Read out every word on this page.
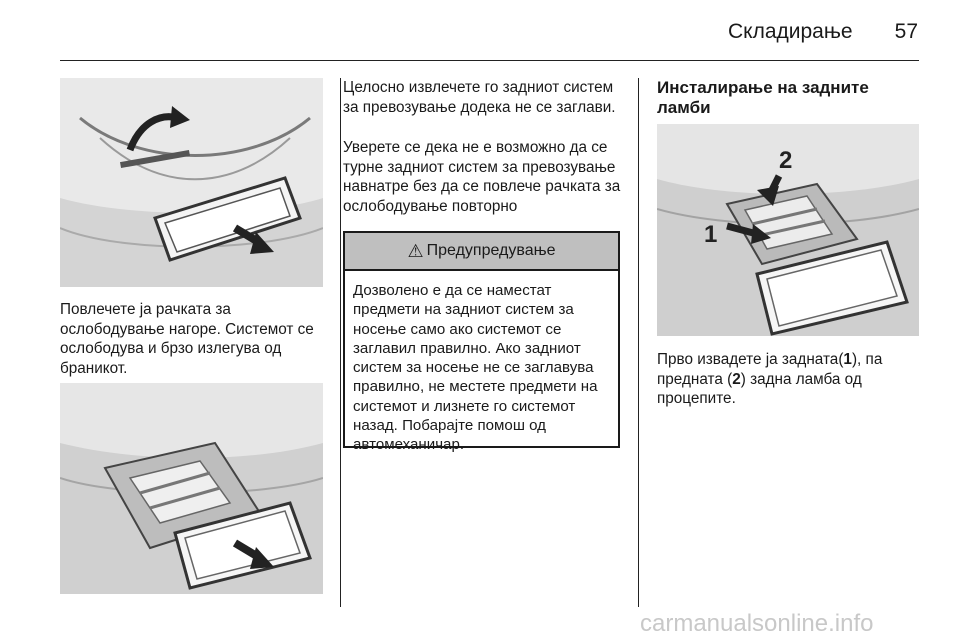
Складирање 57

Повлечете ја рачката за ослободување нагоре. Системот се ослободува и брзо излегува од браникот.

Целосно извлечете го задниот систем за превозување додека не се заглави.

Уверете се дека не е возможно да се турне задниот систем за превозување навнатре без да се повлече рачката за ослободување повторно

⚠ Предупредување

Дозволено е да се наместат предмети на задниот систем за носење само ако системот се заглавил правилно. Ако задниот систем за носење не се заглавува правилно, не местете предмети на системот и лизнете го системот назад. Побарајте помош од автомеханичар.

Инсталирање на задните ламби

1
2

Прво извадете ја задната(1), па предната (2) задна ламба од процепите.

carmanualsonline.info
